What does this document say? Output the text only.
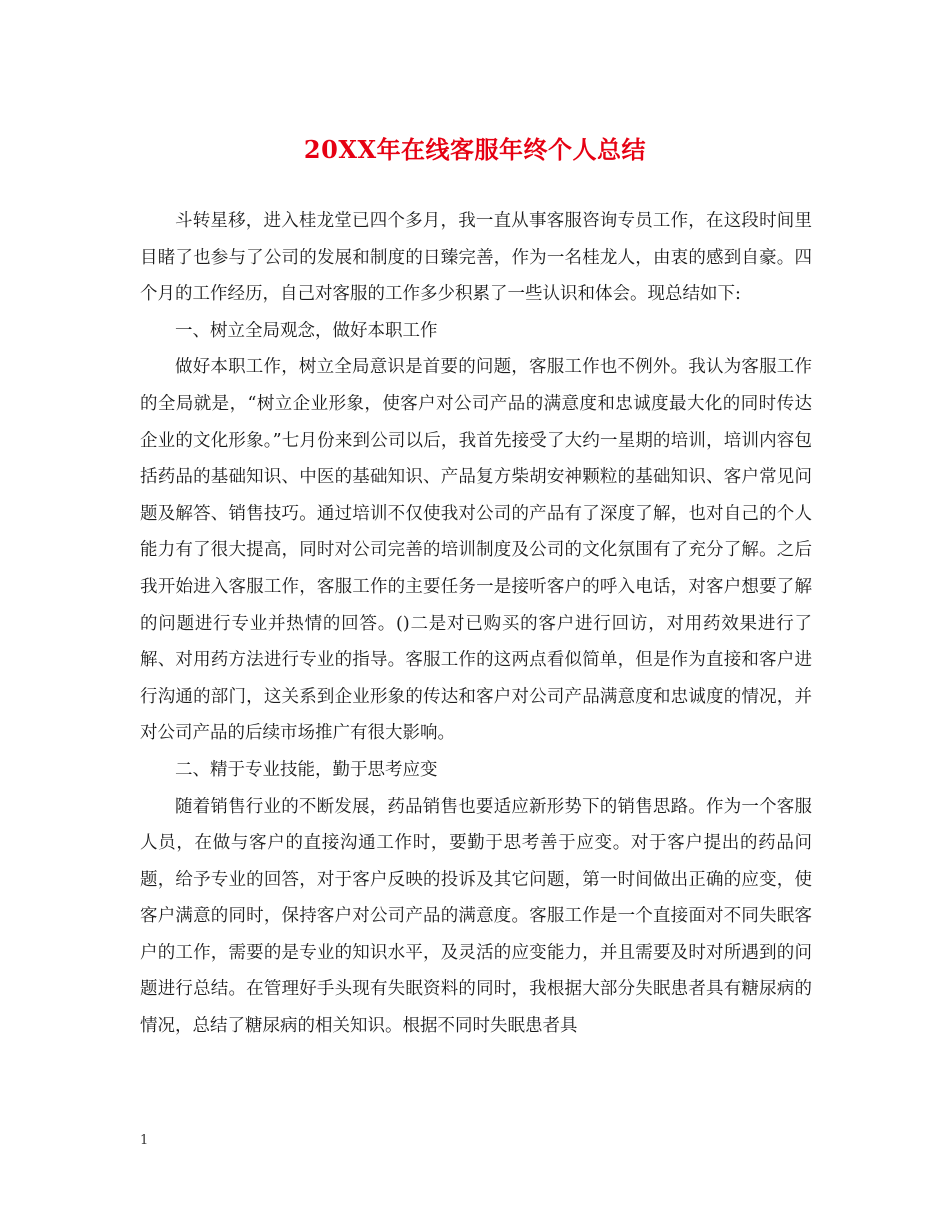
20XX年在线客服年终个人总结

斗转星移，进入桂龙堂已四个多月，我一直从事客服咨询专员工作，在这段时间里目睹了也参与了公司的发展和制度的日臻完善，作为一名桂龙人，由衷的感到自豪。四个月的工作经历，自己对客服的工作多少积累了一些认识和体会。现总结如下:

一、树立全局观念，做好本职工作

做好本职工作，树立全局意识是首要的问题，客服工作也不例外。我认为客服工作的全局就是，“树立企业形象，使客户对公司产品的满意度和忠诚度最大化的同时传达企业的文化形象。”七月份来到公司以后，我首先接受了大约一星期的培训，培训内容包括药品的基础知识、中医的基础知识、产品复方柴胡安神颗粒的基础知识、客户常见问题及解答、销售技巧。通过培训不仅使我对公司的产品有了深度了解，也对自己的个人能力有了很大提高，同时对公司完善的培训制度及公司的文化氛围有了充分了解。之后我开始进入客服工作，客服工作的主要任务一是接听客户的呼入电话，对客户想要了解的问题进行专业并热情的回答。()二是对已购买的客户进行回访，对用药效果进行了解、对用药方法进行专业的指导。客服工作的这两点看似简单，但是作为直接和客户进行沟通的部门，这关系到企业形象的传达和客户对公司产品满意度和忠诚度的情况，并对公司产品的后续市场推广有很大影响。

二、精于专业技能，勤于思考应变

随着销售行业的不断发展，药品销售也要适应新形势下的销售思路。作为一个客服人员，在做与客户的直接沟通工作时，要勤于思考善于应变。对于客户提出的药品问题，给予专业的回答，对于客户反映的投诉及其它问题，第一时间做出正确的应变，使客户满意的同时，保持客户对公司产品的满意度。客服工作是一个直接面对不同失眠客户的工作，需要的是专业的知识水平，及灵活的应变能力，并且需要及时对所遇到的问题进行总结。在管理好手头现有失眠资料的同时，我根据大部分失眠患者具有糖尿病的情况，总结了糖尿病的相关知识。根据不同时失眠患者具

1
